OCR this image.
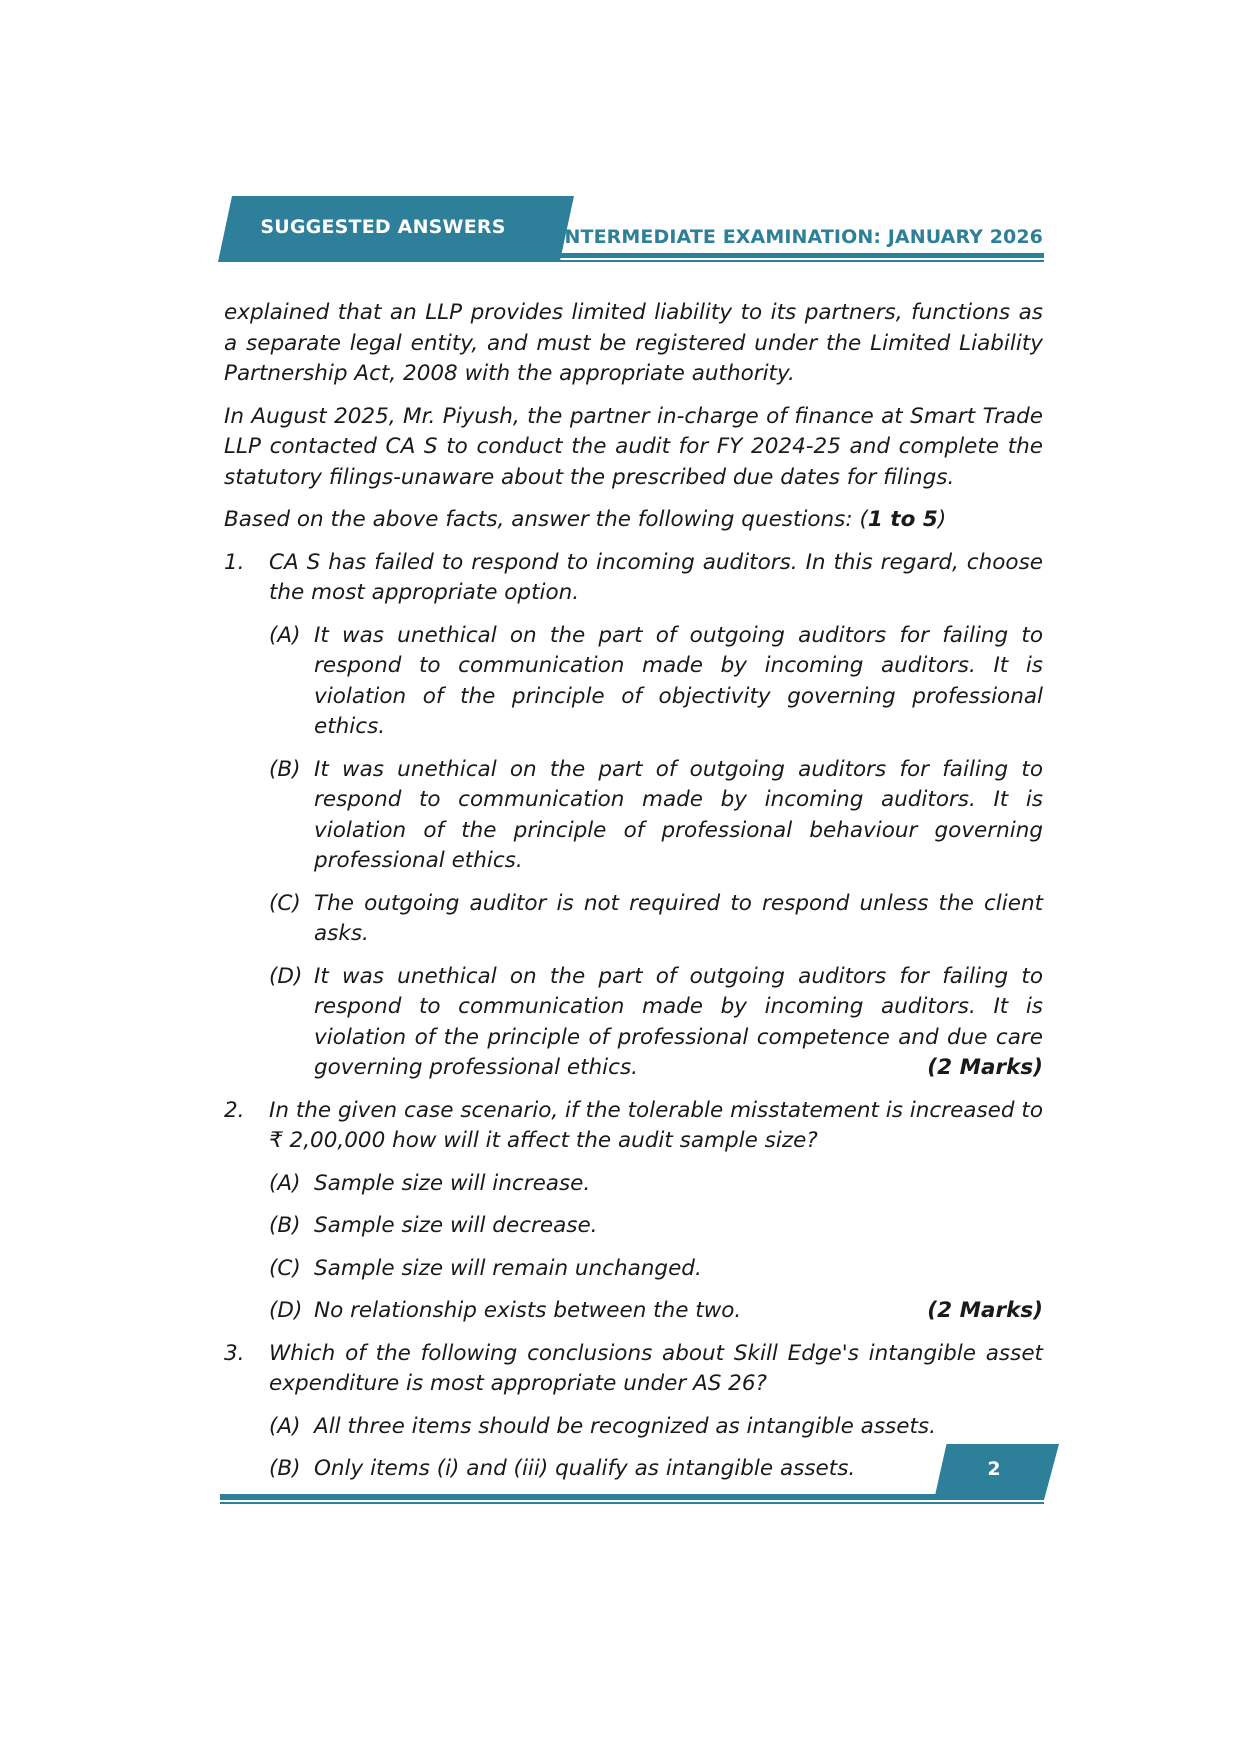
SUGGESTED ANSWERS	INTERMEDIATE EXAMINATION: JANUARY 2026

explained that an LLP provides limited liability to its partners, functions as a separate legal entity, and must be registered under the Limited Liability Partnership Act, 2008 with the appropriate authority.

In August 2025, Mr. Piyush, the partner in-charge of finance at Smart Trade LLP contacted CA S to conduct the audit for FY 2024-25 and complete the statutory filings-unaware about the prescribed due dates for filings.

Based on the above facts, answer the following questions: (1 to 5)

1. CA S has failed to respond to incoming auditors. In this regard, choose the most appropriate option.
(A) It was unethical on the part of outgoing auditors for failing to respond to communication made by incoming auditors. It is violation of the principle of objectivity governing professional ethics.
(B) It was unethical on the part of outgoing auditors for failing to respond to communication made by incoming auditors. It is violation of the principle of professional behaviour governing professional ethics.
(C) The outgoing auditor is not required to respond unless the client asks.
(D) It was unethical on the part of outgoing auditors for failing to respond to communication made by incoming auditors. It is violation of the principle of professional competence and due care governing professional ethics.	(2 Marks)
2. In the given case scenario, if the tolerable misstatement is increased to ₹ 2,00,000 how will it affect the audit sample size?
(A) Sample size will increase.
(B) Sample size will decrease.
(C) Sample size will remain unchanged.
(D) No relationship exists between the two.	(2 Marks)
3. Which of the following conclusions about Skill Edge's intangible asset expenditure is most appropriate under AS 26?
(A) All three items should be recognized as intangible assets.
(B) Only items (i) and (iii) qualify as intangible assets.	2
